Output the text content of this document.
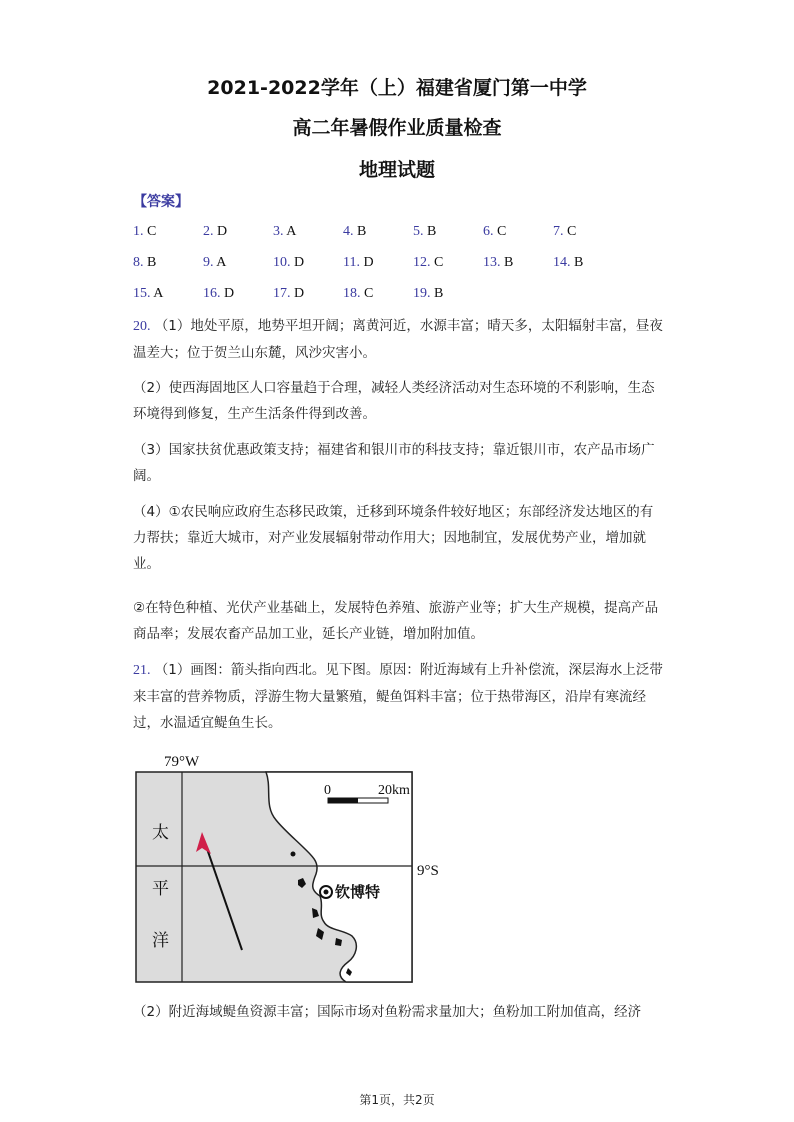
2021-2022学年（上）福建省厦门第一中学
高二年暑假作业质量检查
地理试题
【答案】
1. C	2. D	3. A	4. B	5. B	6. C	7. C
8. B	9. A	10. D	11. D	12. C	13. B	14. B
15. A	16. D	17. D	18. C	19. B
20. （1）地处平原，地势平坦开阔；离黄河近，水源丰富；晴天多，太阳辐射丰富，昼夜温差大；位于贺兰山东麓，风沙灾害小。
（2）使西海固地区人口容量趋于合理，减轻人类经济活动对生态环境的不利影响，生态环境得到修复，生产生活条件得到改善。
（3）国家扶贫优惠政策支持；福建省和银川市的科技支持；靠近银川市，农产品市场广阔。
（4）①农民响应政府生态移民政策，迁移到环境条件较好地区；东部经济发达地区的有力帮扶；靠近大城市，对产业发展辐射带动作用大；因地制宜，发展优势产业，增加就业。
②在特色种植、光伏产业基础上，发展特色养殖、旅游产业等；扩大生产规模，提高产品商品率；发展农畜产品加工业，延长产业链，增加附加值。
21. （1）画图：箭头指向西北。见下图。原因：附近海域有上升补偿流，深层海水上泛带来丰富的营养物质，浮游生物大量繁殖，鳀鱼饵料丰富；位于热带海区，沿岸有寒流经过，水温适宜鳀鱼生长。
79°W
9°S
太
平
洋
0	20km
钦博特
（2）附近海域鳀鱼资源丰富；国际市场对鱼粉需求量加大；鱼粉加工附加值高，经济
第1页，共2页
